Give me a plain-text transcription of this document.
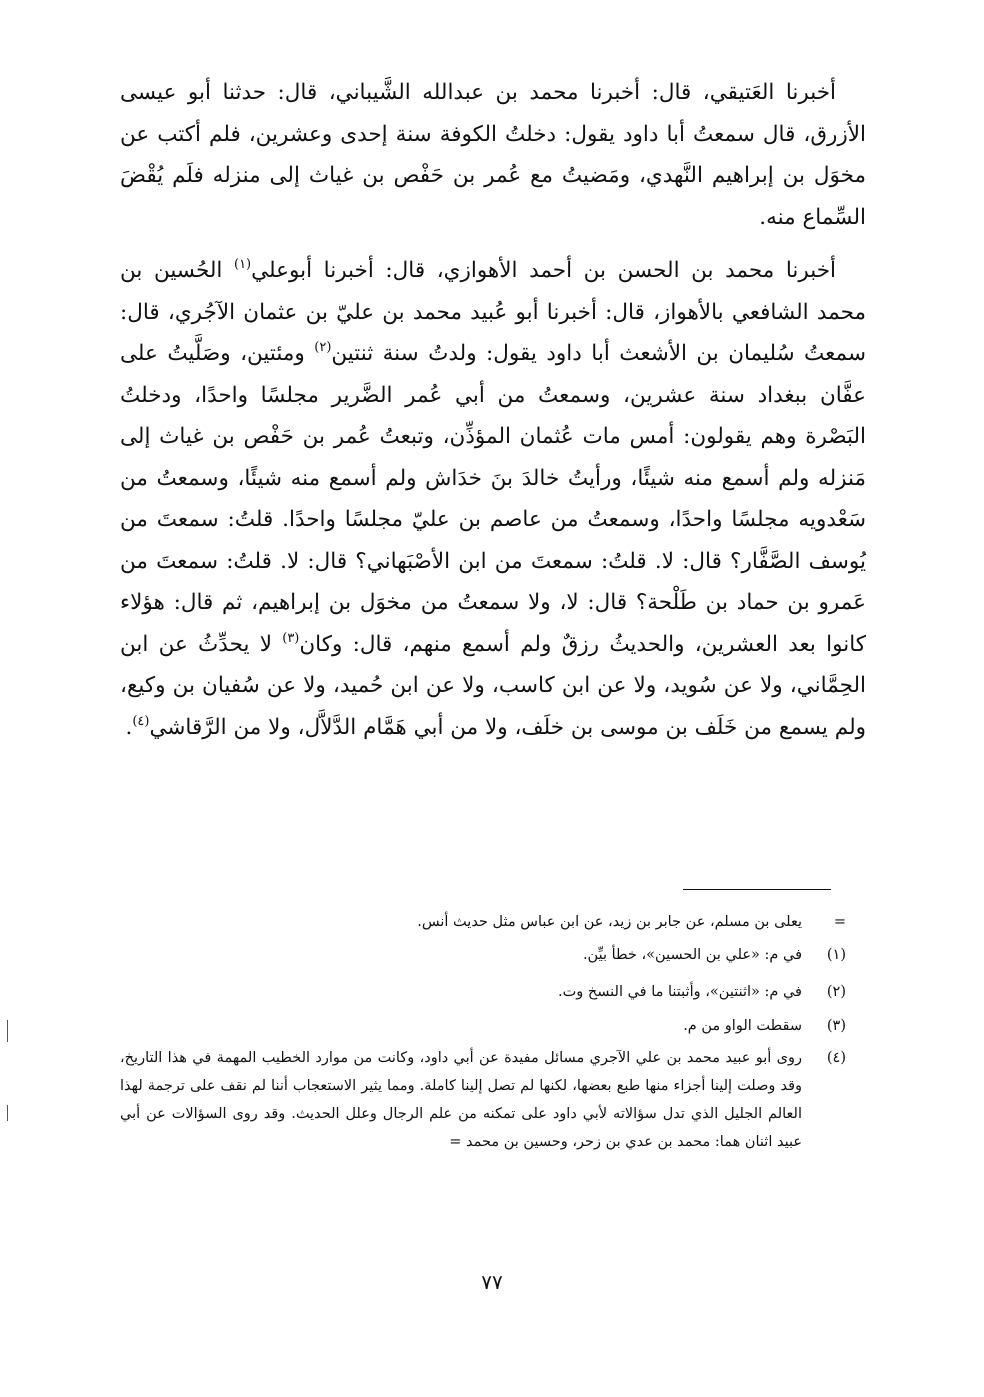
أخبرنا العَتيقي، قال: أخبرنا محمد بن عبدالله الشَّيباني، قال: حدثنا أبو عيسى الأزرق، قال سمعتُ أبا داود يقول: دخلتُ الكوفة سنة إحدى وعشرين، فلم أكتب عن مخوَل بن إبراهيم النَّهدي، ومَضيتُ مع عُمر بن حَفْص بن غياث إلى منزله فلَم يُقْضَ السِّماع منه.

أخبرنا محمد بن الحسن بن أحمد الأهوازي، قال: أخبرنا أبوعلي$^{(١)}$ الحُسين بن محمد الشافعي بالأهواز، قال: أخبرنا أبو عُبيد محمد بن عليّ بن عثمان الآجُري، قال: سمعتُ سُليمان بن الأشعث أبا داود يقول: ولدتُ سنة ثنتين$^{(٢)}$ ومئتين، وصَلَّيتُ على عفَّان ببغداد سنة عشرين، وسمعتُ من أبي عُمر الضَّرير مجلسًا واحدًا، ودخلتُ البَصْرة وهم يقولون: أمس مات عُثمان المؤذِّن، وتبعتُ عُمر بن حَفْص بن غياث إلى مَنزله ولم أسمع منه شيئًا، ورأيتُ خالدَ بنَ خدَاش ولم أسمع منه شيئًا، وسمعتُ من سَعْدويه مجلسًا واحدًا، وسمعتُ من عاصم بن عليّ مجلسًا واحدًا. قلتُ: سمعتَ من يُوسف الصَّفَّار؟ قال: لا. قلتُ: سمعتَ من ابن الأصْبَهاني؟ قال: لا. قلتُ: سمعتَ من عَمرو بن حماد بن طَلْحة؟ قال: لا، ولا سمعتُ من مخوَل بن إبراهيم، ثم قال: هؤلاء كانوا بعد العشرين، والحديثُ رزقٌ ولم أسمع منهم، قال: وكان$^{(٣)}$ لا يحدِّثُ عن ابن الحِمَّاني، ولا عن سُويد، ولا عن ابن كاسب، ولا عن ابن حُميد، ولا عن سُفيان بن وكيع، ولم يسمع من خَلَف بن موسى بن خلَف، ولا من أبي هَمَّام الدَّلاَّل، ولا من الرَّقاشي$^{(٤)}$.

=
يعلى بن مسلم، عن جابر بن زيد، عن ابن عباس مثل حديث أنس.
(١)
في م: «علي بن الحسين»، خطأ بيِّن.
(٢)
في م: «اثنتين»، وأثبتنا ما في النسخ وت.
(٣)
سقطت الواو من م.
(٤)
روى أبو عبيد محمد بن علي الآجري مسائل مفيدة عن أبي داود، وكانت من موارد الخطيب المهمة في هذا التاريخ، وقد وصلت إلينا أجزاء منها طبع بعضها، لكنها لم تصل إلينا كاملة. ومما يثير الاستعجاب أننا لم نقف على ترجمة لهذا العالم الجليل الذي تدل سؤالاته لأبي داود على تمكنه من علم الرجال وعلل الحديث. وقد روى السؤالات عن أبي عبيد اثنان هما: محمد بن عدي بن زحر، وحسين بن محمد =
٧٧
